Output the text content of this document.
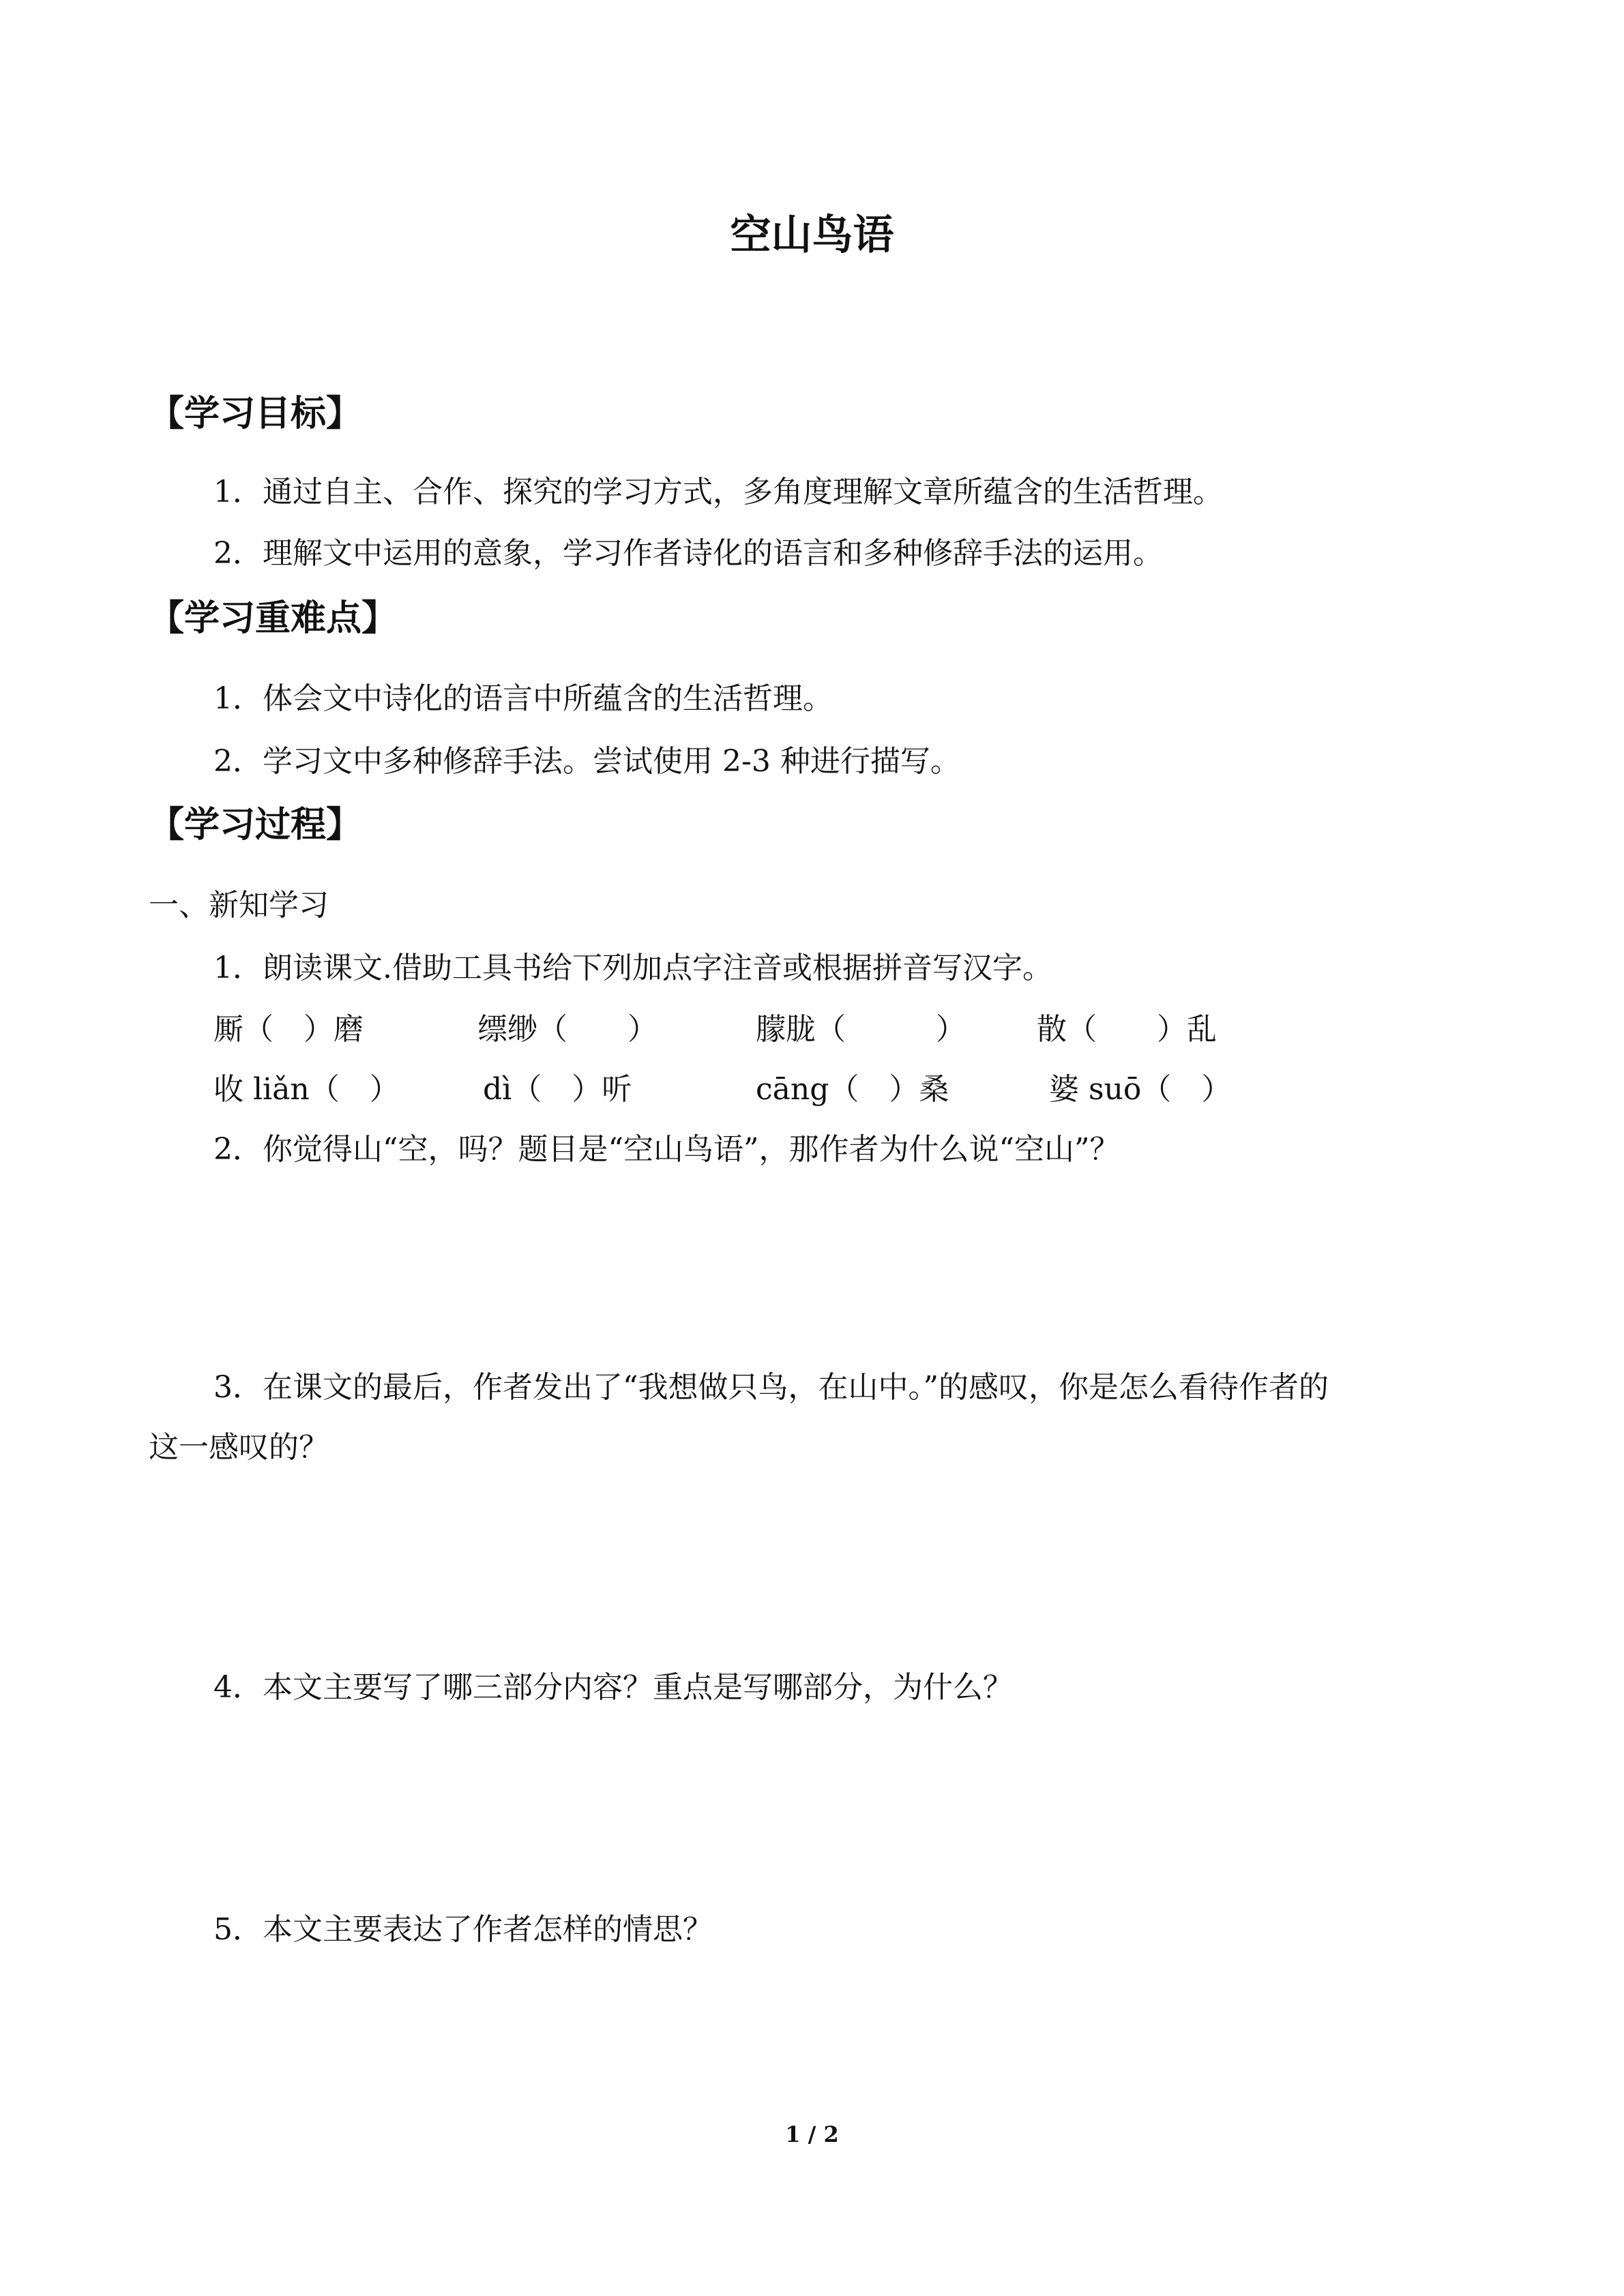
空山鸟语
【学习目标】
1．通过自主、合作、探究的学习方式，多角度理解文章所蕴含的生活哲理。
2．理解文中运用的意象，学习作者诗化的语言和多种修辞手法的运用。
【学习重难点】
1．体会文中诗化的语言中所蕴含的生活哲理。
2．学习文中多种修辞手法。尝试使用 2-3 种进行描写。
【学习过程】
一、新知学习
1．朗读课文.借助工具书给下列加点字注音或根据拼音写汉字。
厮（　）磨	缥缈（　　）	朦胧（　　　） 散（　　）乱
收 liǎn（　）	dì（　）听	cāng（　）桑	婆 suō（　）
2．你觉得山“空，吗？题目是“空山鸟语”，那作者为什么说“空山”？
3．在课文的最后，作者发出了“我想做只鸟，在山中。”的感叹，你是怎么看待作者的
这一感叹的？
4．本文主要写了哪三部分内容？重点是写哪部分，为什么？
5．本文主要表达了作者怎样的情思？
1 / 2
